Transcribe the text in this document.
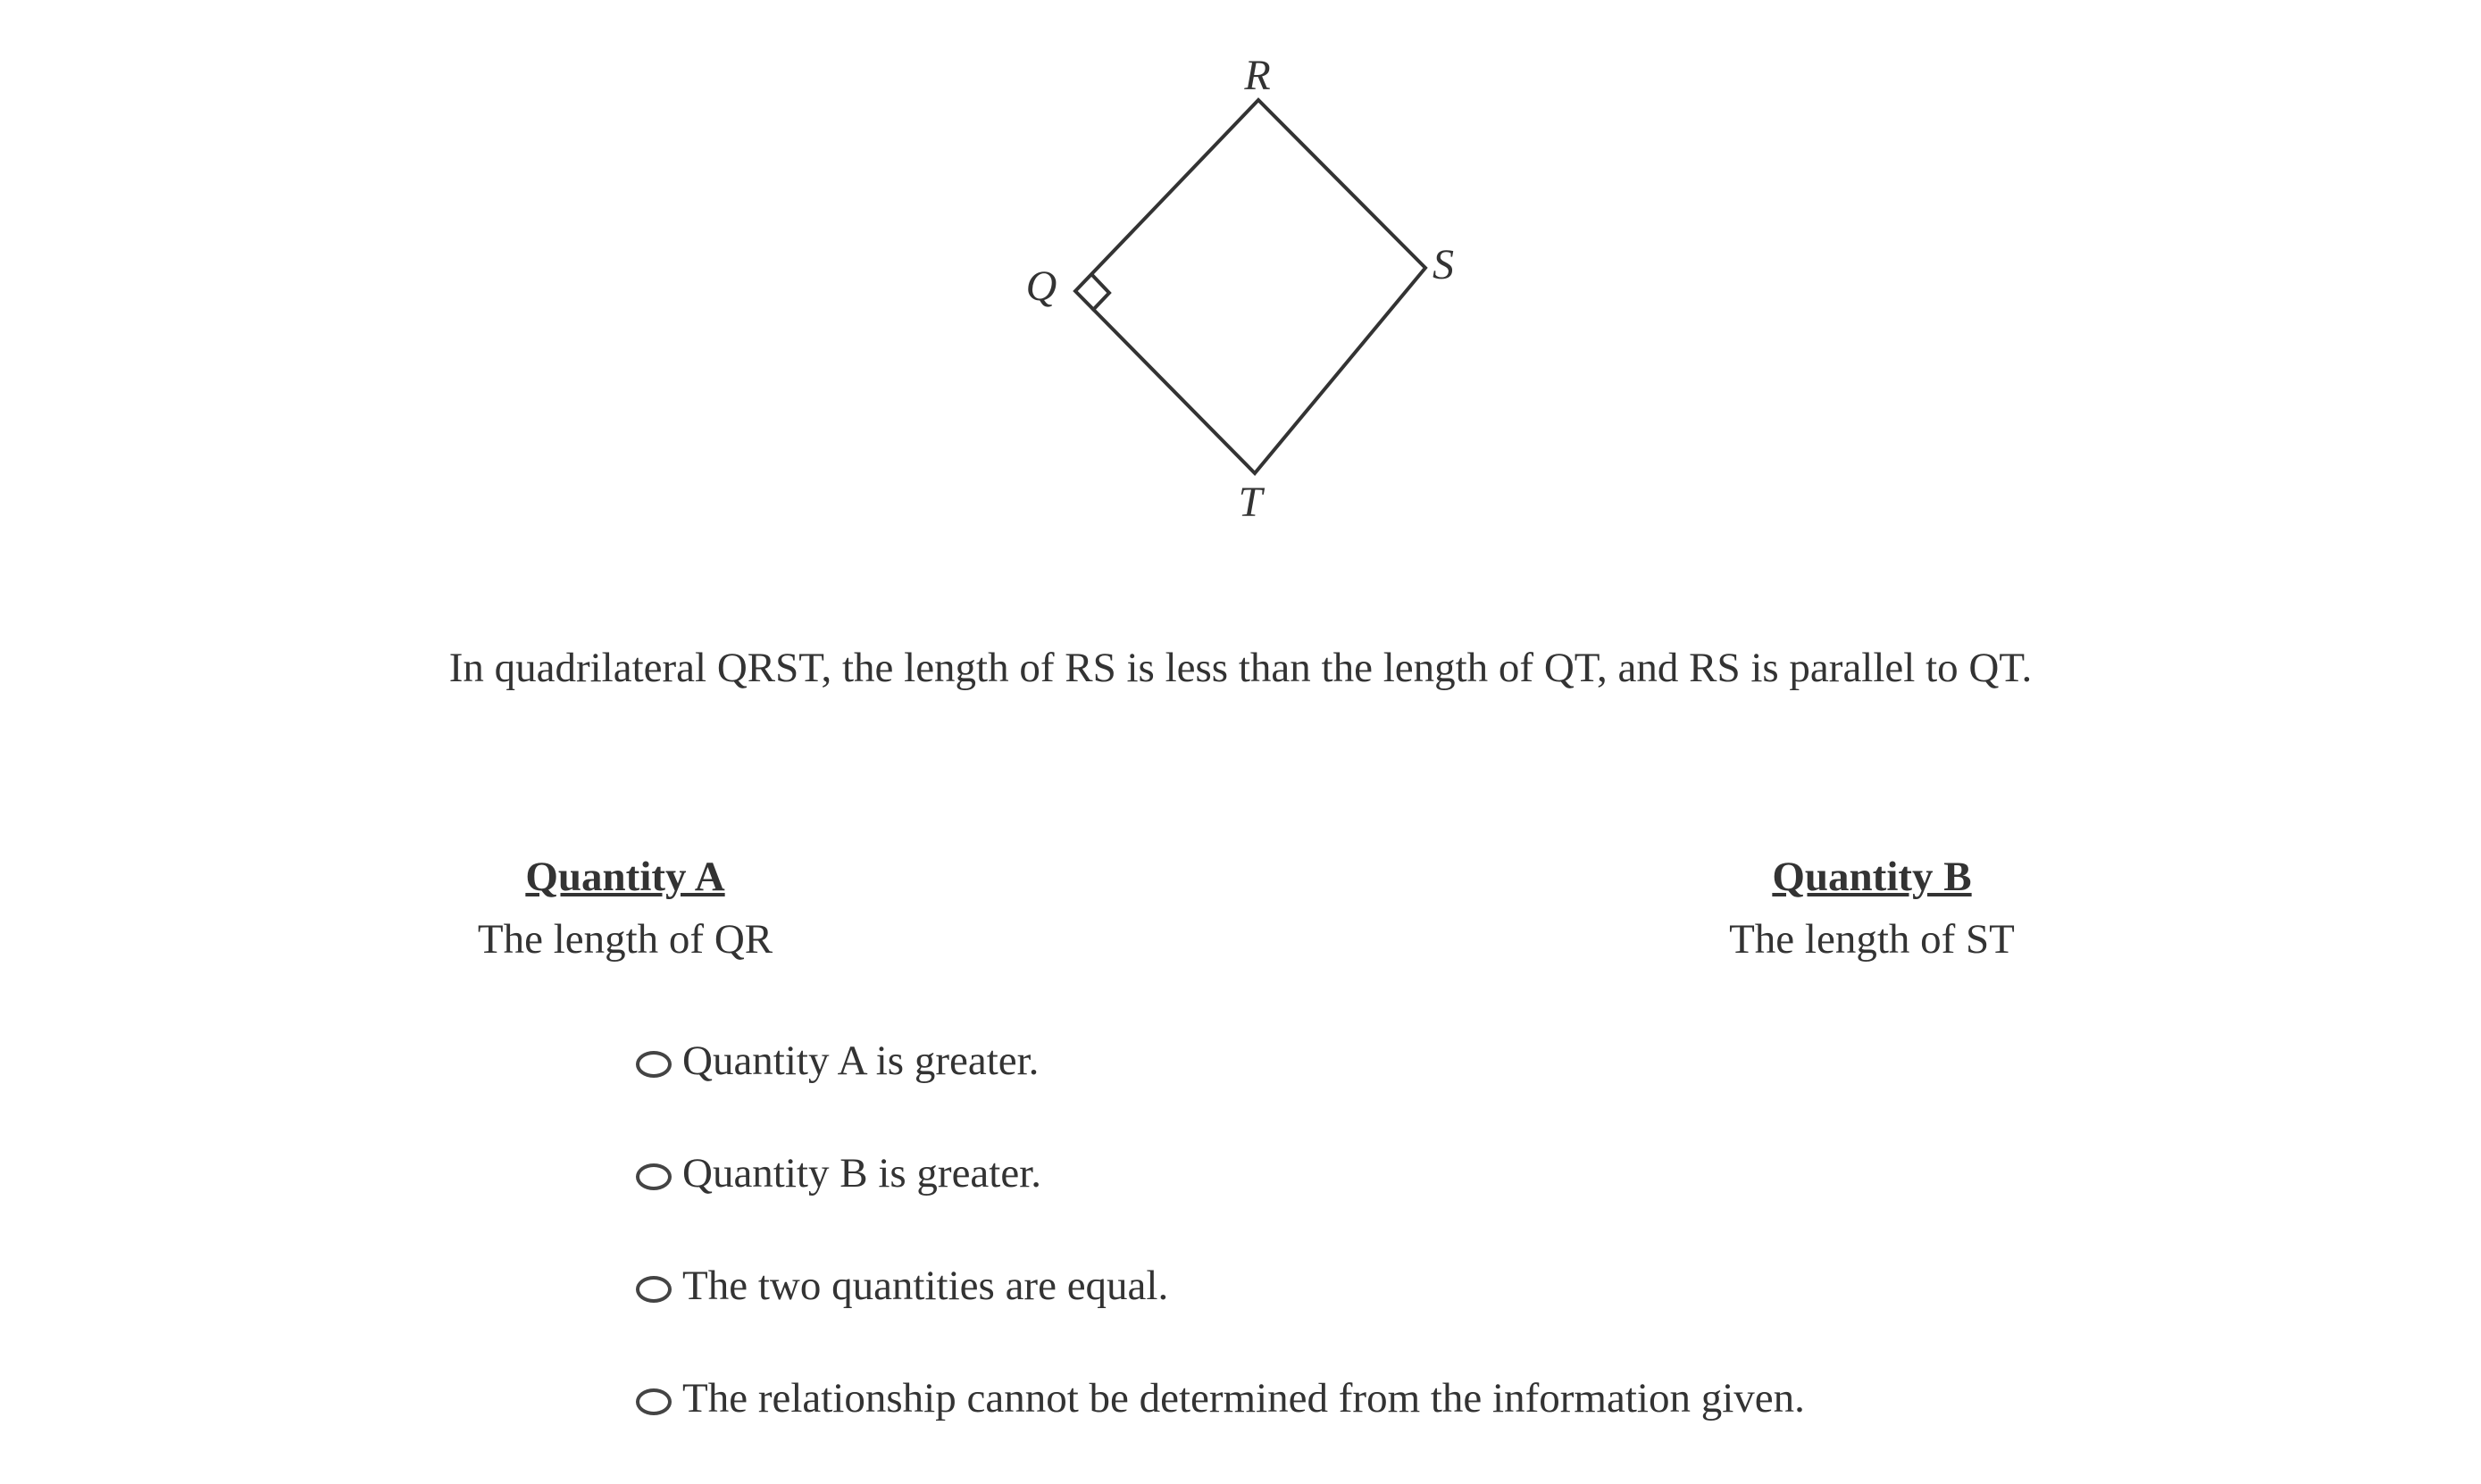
R
S
Q
T
In quadrilateral QRST, the length of RS is less than the length of QT, and RS is parallel to QT.
Quantity A
The length of QR
Quantity B
The length of ST
Quantity A is greater.
Quantity B is greater.
The two quantities are equal.
The relationship cannot be determined from the information given.
